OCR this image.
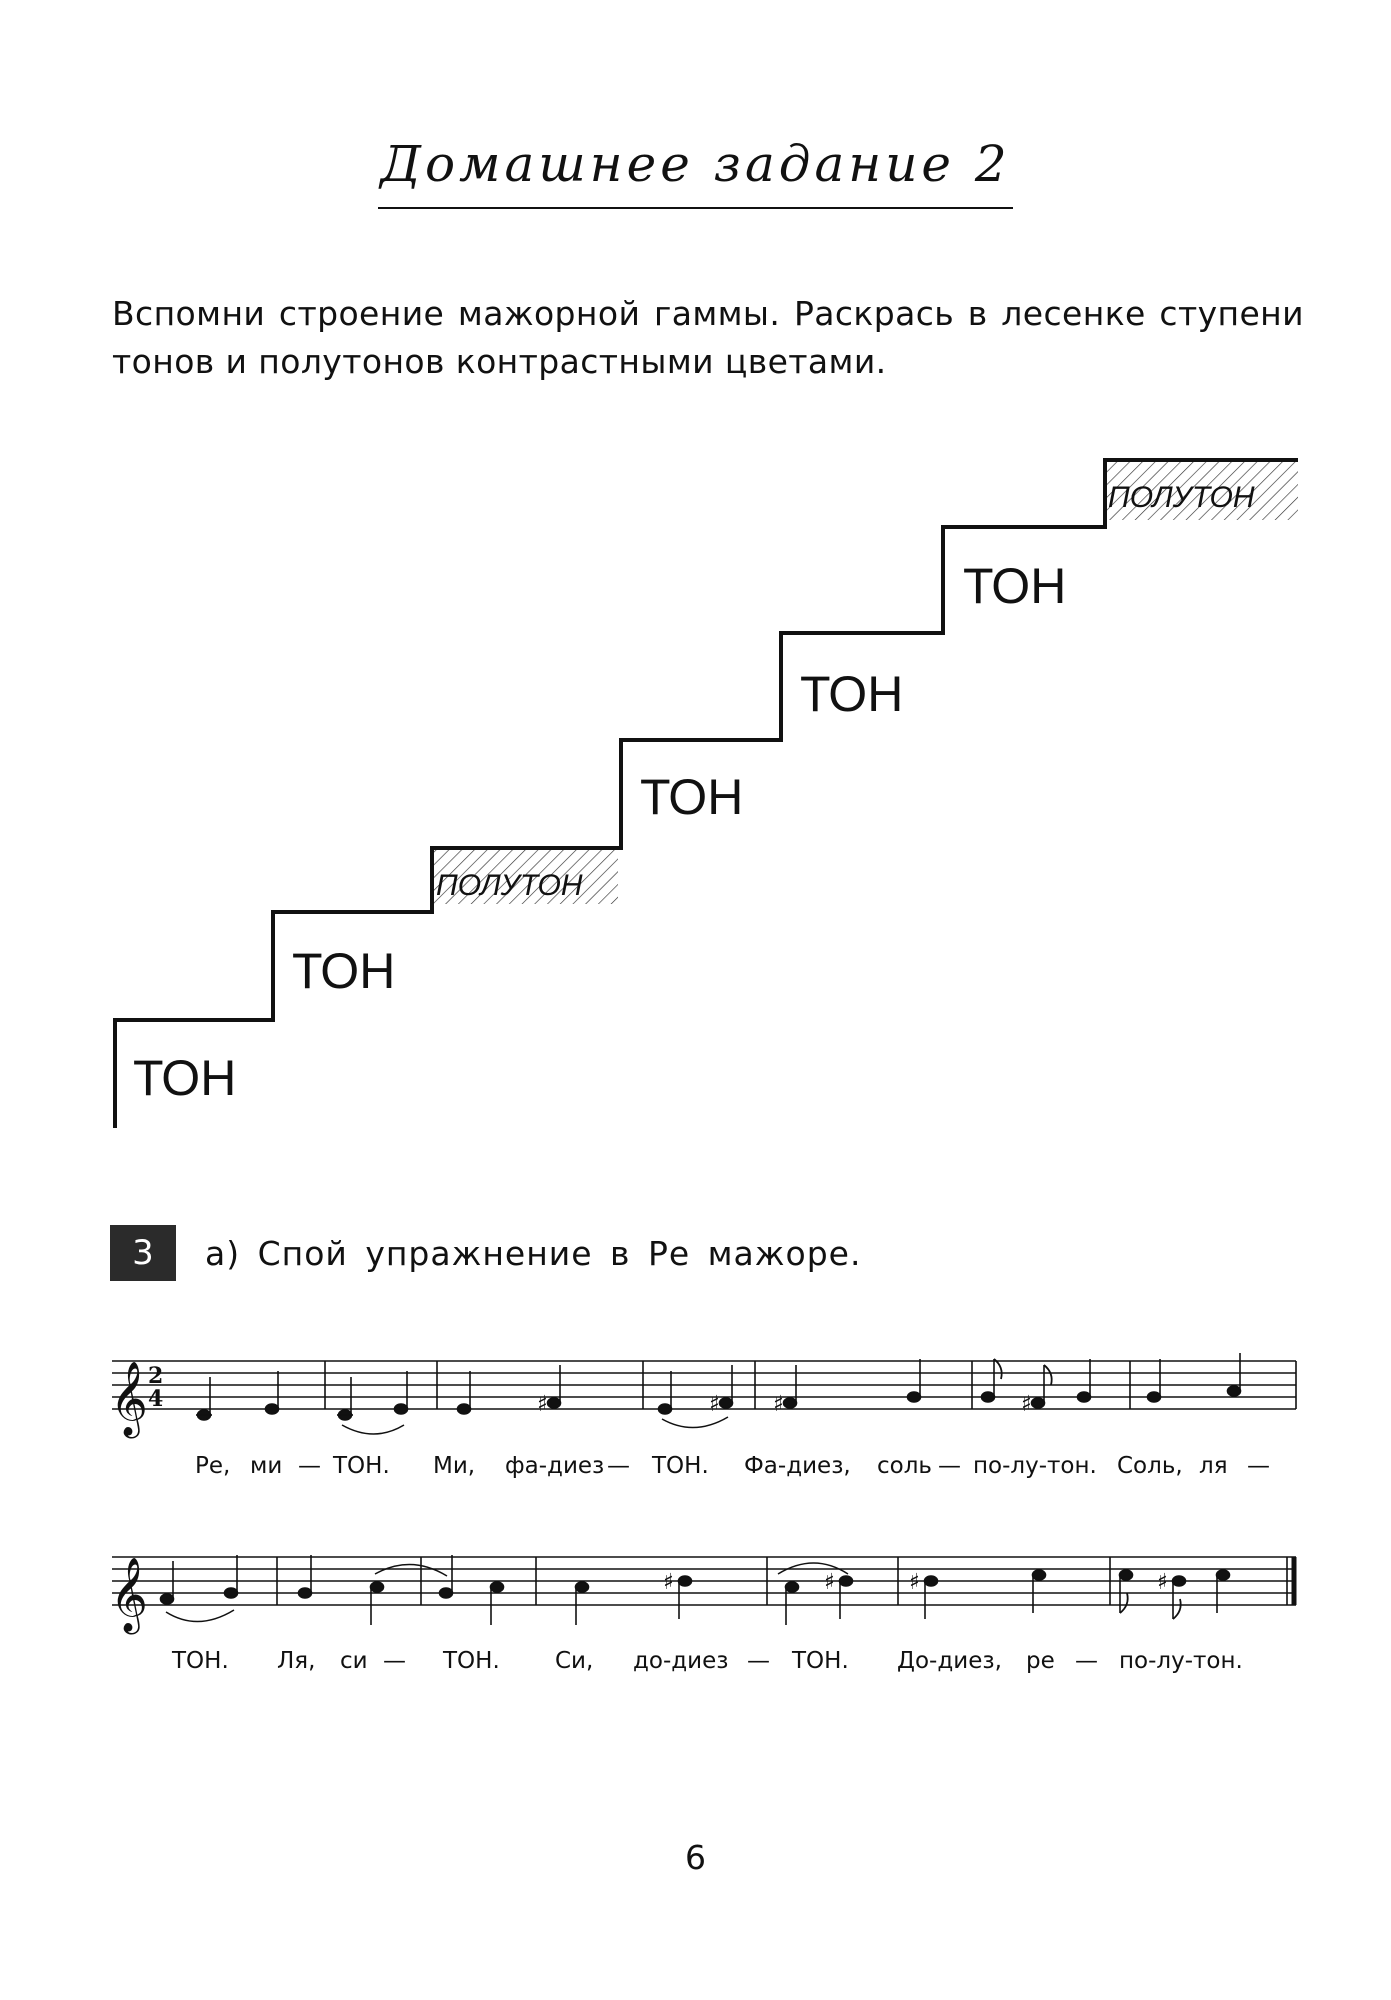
Домашнее задание 2
Вспомни строение мажорной гаммы. Раскрась в лесенке ступени тонов и полутонов контрастными цветами.
ТОН
ТОН
ПОЛУТОН
ТОН
ТОН
ТОН
ПОЛУТОН
3	а) Спой упражнение в Ре мажоре.
𝄞 2
4	♯	♯ ♯	♯
Ре, ми — ТОН. Ми, фа-диез — ТОН. Фа-диез, соль — по-лу-тон. Соль, ля —
𝄞	♯	♯	♯	♯
ТОН. Ля, си — ТОН. Си, до-диез — ТОН. До-диез, ре — по-лу-тон.
6
